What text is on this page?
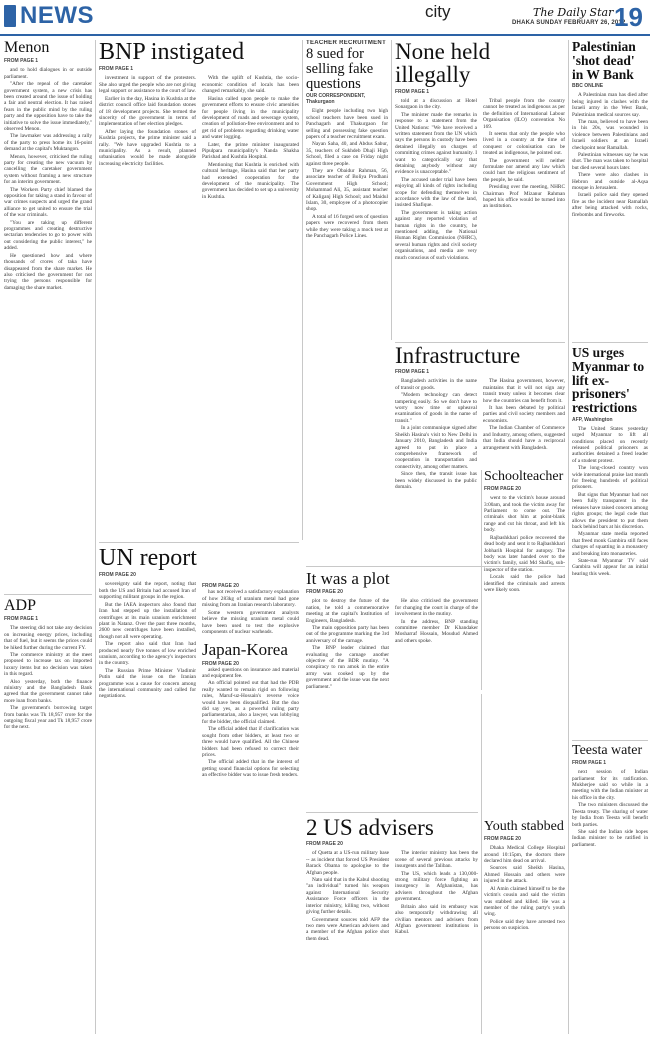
NEWS	city	The Daily Star
DHAKA SUNDAY FEBRUARY 26, 2012
19
Menon
FROM PAGE 1

and to hold dialogues in or outside parliament.

"After the repeal of the caretaker government system, a new crisis has been created around the issue of holding a fair and neutral election. It has raised fears in the public mind by the ruling party and the opposition have to take the initiative to solve the issue immediately," observed Menon.

The lawmaker was addressing a rally of the party to press home its 16-point demand at the capital's Muktangon.

Menon, however, criticised the ruling party for creating the new vacuum by cancelling the caretaker government system without framing a new structure for an interim government.

The Workers Party chief blamed the opposition for taking a stand in favour of war crimes suspects and urged the grand alliance to get united to ensure the trial of the war criminals.

"You are taking up different programmes and creating destructive sectarian tendencies to go to power with out considering the public interest," he added.

He questioned how and where thousands of crores of taka have disappeared from the share market. He also criticised the government for not trying the persons responsible for damaging the share market.

ADP
FROM PAGE 1

The steering did not take any decision on increasing energy prices, including that of fuel, but it seems the prices could be hiked further during the current FY.

The commerce ministry at the meet proposed to increase tax on imported luxury items but no decision was taken in this regard.

Also yesterday, both the finance ministry and the Bangladesh Bank agreed that the government cannot take more loan from banks.

The government's borrowing target from banks was Tk 18,957 crore for the outgoing fiscal year and Tk 18,957 crore for the next.

BNP instigated
FROM PAGE 1

investment in support of the protesters. She also urged the people who are not giving legal support or assistance to the court of law.

Earlier in the day, Hasina in Kushtia at the district council office laid foundation stones of 18 development projects. She termed the sincerity of the government in terms of implementation of her election pledges.

After laying the foundation stones of Kushtia projects, the prime minister said a rally. "We have upgraded Kushtia to a municipality. As a result, planned urbanisation would be made alongside increasing electricity facilities.

With the uplift of Kushtia, the socio-economic condition of locals has been changed remarkably, she said.

Hasina called upon people to make the government efforts to ensure civic amenities for people living in the municipality development of roads and sewerage system, creation of pollution-free environment and to get rid of problems regarding drinking water and water logging.

Later, the prime minister inaugurated Pipulpara municipality's Nanda Shakha Parishad and Kushtia Hospital.

Mentioning that Kushtia is enriched with cultural heritage, Hasina said that her party had extended cooperation for the development of the municipality. The government has decided to set up a university in Kushtia.

TEACHER RECRUITMENT
8 sued for selling fake questions
OUR CORRESPONDENT, Thakurgaon

Eight people including two high school teachers have been sued in Panchagarh and Thakurgaon for selling and possessing fake question papers of a teacher recruitment exam.

Nayan Saha, 40, and Abdus Sabur, 35, teachers of Sukhdeb Dhaji High School, filed a case on Friday night against three people.

They are Obaidur Rahman, 56, associate teacher of Boliya Prodhani Government High School; Mohammad Ali, 35, assistant teacher of Kaliganj High School; and Maidul Islam, 30, employee of a photocopier shop.

A total of 16 forged sets of question papers were recovered from them while they were taking a mock test at the Panchagarh Police Lines.

None held illegally
FROM PAGE 1

told at a discussion at Hotel Sonargaon in the city.

The minister made the remarks in response to a statement from the United Nations: "We have received a written statement from the UN which says the persons in custody have been detained illegally on charges of committing crimes against humanity. I want to categorically say that detaining anybody without any evidence is unacceptable."

The accused under trial have been enjoying all kinds of rights including scope for defending themselves in accordance with the law of the land, insisted Shafique.

The government is taking action against any reported violation of human rights in the country, he mentioned adding, the National Human Rights Commission (NHRC), several human rights and civil society organisations, and media are very much conscious of such violations.

Tribal people from the country cannot be treated as indigenous as per the definition of International Labour Organisation (ILO) convention No 169.

It seems that only the people who lived in a country at the time of conquest or colonisation can be treated as indigenous, he pointed out.

The government will neither formulate nor amend any law which could hurt the religious sentiment of the people, he said.

Presiding over the meeting, NHRC Chairman Prof Mizanur Rahman hoped his office would be turned into an institution.

Palestinian 'shot dead' in W Bank
BBC ONLINE

A Palestinian man has died after being injured in clashes with the Israeli army in the West Bank, Palestinian medical sources say.

The man, believed to have been in his 20s, was wounded in violence between Palestinians and Israeli soldiers at an Israeli checkpoint near Ramallah.

Palestinian witnesses say he was shot. The man was taken to hospital but died several hours later.

There were also clashes in Hebron and outside al-Aqsa mosque in Jerusalem.

Israeli police said they opened fire as the incident near Ramallah after being attacked with rocks, firebombs and fireworks.

US urges Myanmar to lift ex-prisoners' restrictions
AFP, Washington

The United States yesterday urged Myanmar to lift all conditions placed on recently released political prisoners as authorities detained a freed leader of a student protest.

The long-closed country won wide international praise last month for freeing hundreds of political prisoners.

But signs that Myanmar had not been fully transparent in the releases have raised concern among rights groups; the legal code that allows the president to put them back behind bars at his discretion.

Myanmar state media reported that freed monk Gambira still faces charges of squatting in a monastery and breaking into monasteries.

State-run Myanmar TV said Gambira will appear for an initial hearing this week.

Teesta water
FROM PAGE 1

next session of Indian parliament for its ratification. Mukherjee said so while in a meeting with the Indian minister at his office in the city.

The two ministers discussed the Teesta treaty. The sharing of water by India from Teesta will benefit both parties.

She said the Indian side hopes Indian minister to be ratified in parliament.

Infrastructure
FROM PAGE 1

Bangladesh activities in the name of transit or goods.

"Modern technology can detect tampering easily. So we don't have to worry now time or upheaval examination of goods in the name of transit."

In a joint communique signed after Sheikh Hasina's visit to New Delhi in January 2010, Bangladesh and India agreed to put in place a comprehensive framework of cooperation in transportation and connectivity, among other matters.

Since then, the transit issue has been widely discussed in the public domain.

The Hasina government, however, maintains that it will not sign any transit treaty unless it becomes clear how the countries can benefit from it.

It has been debated by political parties and civil society members and economists.

The Indian Chamber of Commerce and Industry, among others, suggested that India should have a reciprocal arrangement with Bangladesh.

Schoolteacher
FROM PAGE 20

went to the victim's house around 3:00am, and took the victim away for Parliament to come out. The criminals shot him at point-blank range and cut his throat, and left his body.

Rajbashkhari police recovered the dead body and sent it to Rajbashkhari Jobharih Hospital for autopsy. The body was later handed over to the victim's family, said Md Shafiq, sub-inspector of the station.

Locals said the police had identified the criminals and arrests were likely soon.

UN report
FROM PAGE 20

sovereignty said the report, noting that both the US and Britain had accused Iran of supporting militant groups in the region.

But the IAEA inspectors also found that Iran had stepped up the installation of centrifuges at its main uranium enrichment plant in Natanz. Over the past three months, 2600 new centrifuges have been installed, though not all were operating.

The report also said that Iran had produced nearly five tonnes of low enriched uranium, according to the agency's inspectors in the country.

The Russian Prime Minister Vladimir Putin said the issue on the Iranian programme was a cause for concern among the international community and called for negotiations.

FROM PAGE 20

has not received a satisfactory explanation of how 283kg of uranium metal had gone missing from an Iranian research laboratory.

Some western government analysts believe the missing uranium metal could have been used to test the explosive components of nuclear warheads.

Japan-Korea
FROM PAGE 20

asked questions on insurance and material and equipment fee.

An official pointed out that had the PDB really wanted to remain rigid on following rules, Maruf-uz-Hossain's reverse voice would have been disqualified. But the duo did say yes, as a powerful ruling party parliamentarian, also a lawyer, was lobbying for the bidder, the official claimed.

The official added that if clarification was sought from other bidders, at least two or three would have qualified. All the Chinese bidders had been refused to correct their prices.

The official added that in the interest of getting sound financial options for selecting an effective bidder was to issue fresh tenders.

It was a plot
FROM PAGE 20

plot to destroy the future of the nation, he told a commemorative meeting at the capital's Institution of Engineers, Bangladesh.

The main opposition party has been out of the programme marking the 3rd anniversary of the carnage.

The BNP leader claimed that evaluating the carnage another objective of the BDR mutiny. "A conspiracy to run amok in the entire army was cooked up by the government and the issue was the next parliament."

He also criticised the government for changing the court in charge of the involvement in the mutiny.

In the address, BNP standing committee member Dr Khandaker Mosharraf Hossain, Moudud Ahmed and others spoke.

2 US advisers
FROM PAGE 20

of Quetta at a US-run military base -- as incident that forced US President Barack Obama to apologise to the Afghan people.

Nato said that in the Kabul shooting "an individual" turned his weapon against International Security Assistance Force officers in the interior ministry, killing two, without giving further details.

Government sources told AFP the two men were American advisers and a member of the Afghan police shot them dead.

The interior ministry has been the scene of several previous attacks by insurgents and the Taliban.

The US, which leads a 130,000-strong military force fighting an insurgency in Afghanistan, has advisers throughout the Afghan government.

Britain also said its embassy was also temporarily withdrawing all civilian mentors and advisers from Afghan government institutions in Kabul.

Youth stabbed
FROM PAGE 20

Dhaka Medical College Hospital around 10:15pm, the doctors there declared him dead on arrival.

Sources said Sheikh Hasina, Ahmed Hossain and others were injured in the attack.

Al Amin claimed himself to be the victim's cousin and said the victim was stabbed and killed. He was a member of the ruling party's youth wing.

Police said they have arrested two persons on suspicion.
